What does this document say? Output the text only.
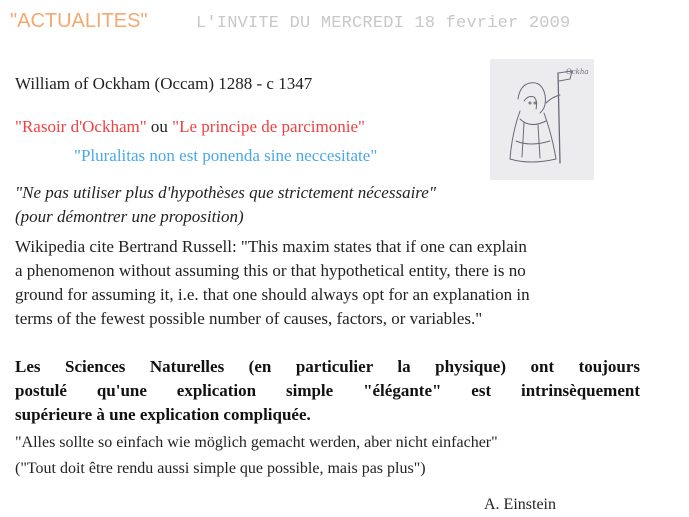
"ACTUALITES"	L'INVITE DU MERCREDI 18 fevrier 2009
William of Ockham (Occam) 1288 - c 1347
Ockha
"Rasoir d'Ockham" ou "Le principe de parcimonie"
"Pluralitas non est ponenda sine neccesitate"
"Ne pas utiliser plus d'hypothèses que strictement nécessaire"
(pour démontrer une proposition)

Wikipedia cite Bertrand Russell: "This maxim states that if one can explain

a phenomenon without assuming this or that hypothetical entity, there is no

ground for assuming it, i.e. that one should always opt for an explanation in

terms of the fewest possible number of causes, factors, or variables."

Les Sciences Naturelles (en particulier la physique) ont toujours

postulé qu'une explication simple "élégante" est intrinsèquement

supérieure à une explication compliquée.

"Alles sollte so einfach wie möglich gemacht werden, aber nicht einfacher"
("Tout doit être rendu aussi simple que possible, mais pas plus")
A. Einstein
